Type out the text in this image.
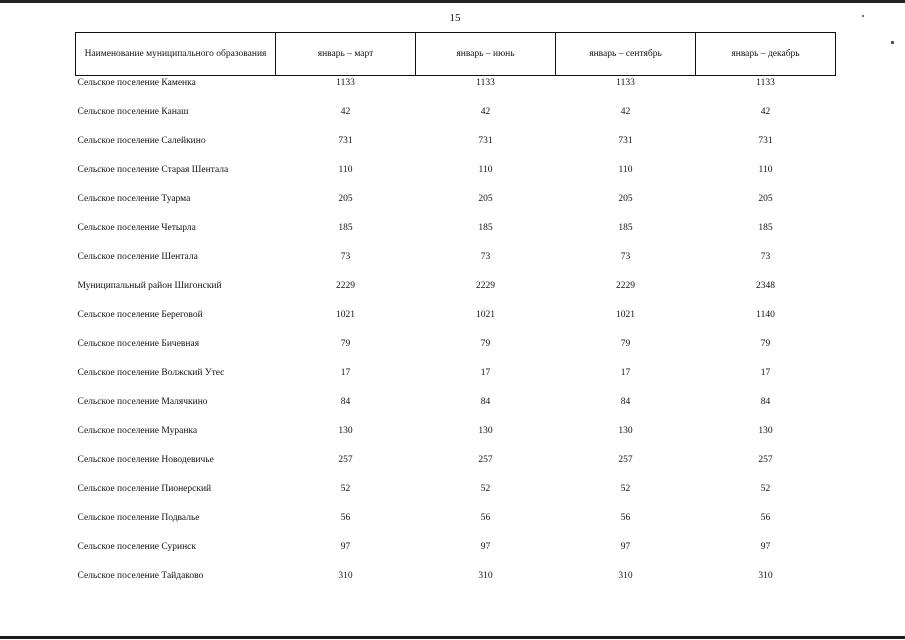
15
Наименование муниципального образования	январь – март	январь – июнь	январь – сентябрь	январь – декабрь
Сельское поселение Каменка	1133	1133	1133	1133
Сельское поселение Канаш	42	42	42	42
Сельское поселение Салейкино	731	731	731	731
Сельское поселение Старая Шентала	110	110	110	110
Сельское поселение Туарма	205	205	205	205
Сельское поселение Четырла	185	185	185	185
Сельское поселение Шентала	73	73	73	73
Муниципальный район Шигонский	2229	2229	2229	2348
Сельское поселение Береговой	1021	1021	1021	1140
Сельское поселение Бичевная	79	79	79	79
Сельское поселение Волжский Утес	17	17	17	17
Сельское поселение Малячкино	84	84	84	84
Сельское поселение Муранка	130	130	130	130
Сельское поселение Новодевичье	257	257	257	257
Сельское поселение Пионерский	52	52	52	52
Сельское поселение Подвалье	56	56	56	56
Сельское поселение Суринск	97	97	97	97
Сельское поселение Тайдаково	310	310	310	310
